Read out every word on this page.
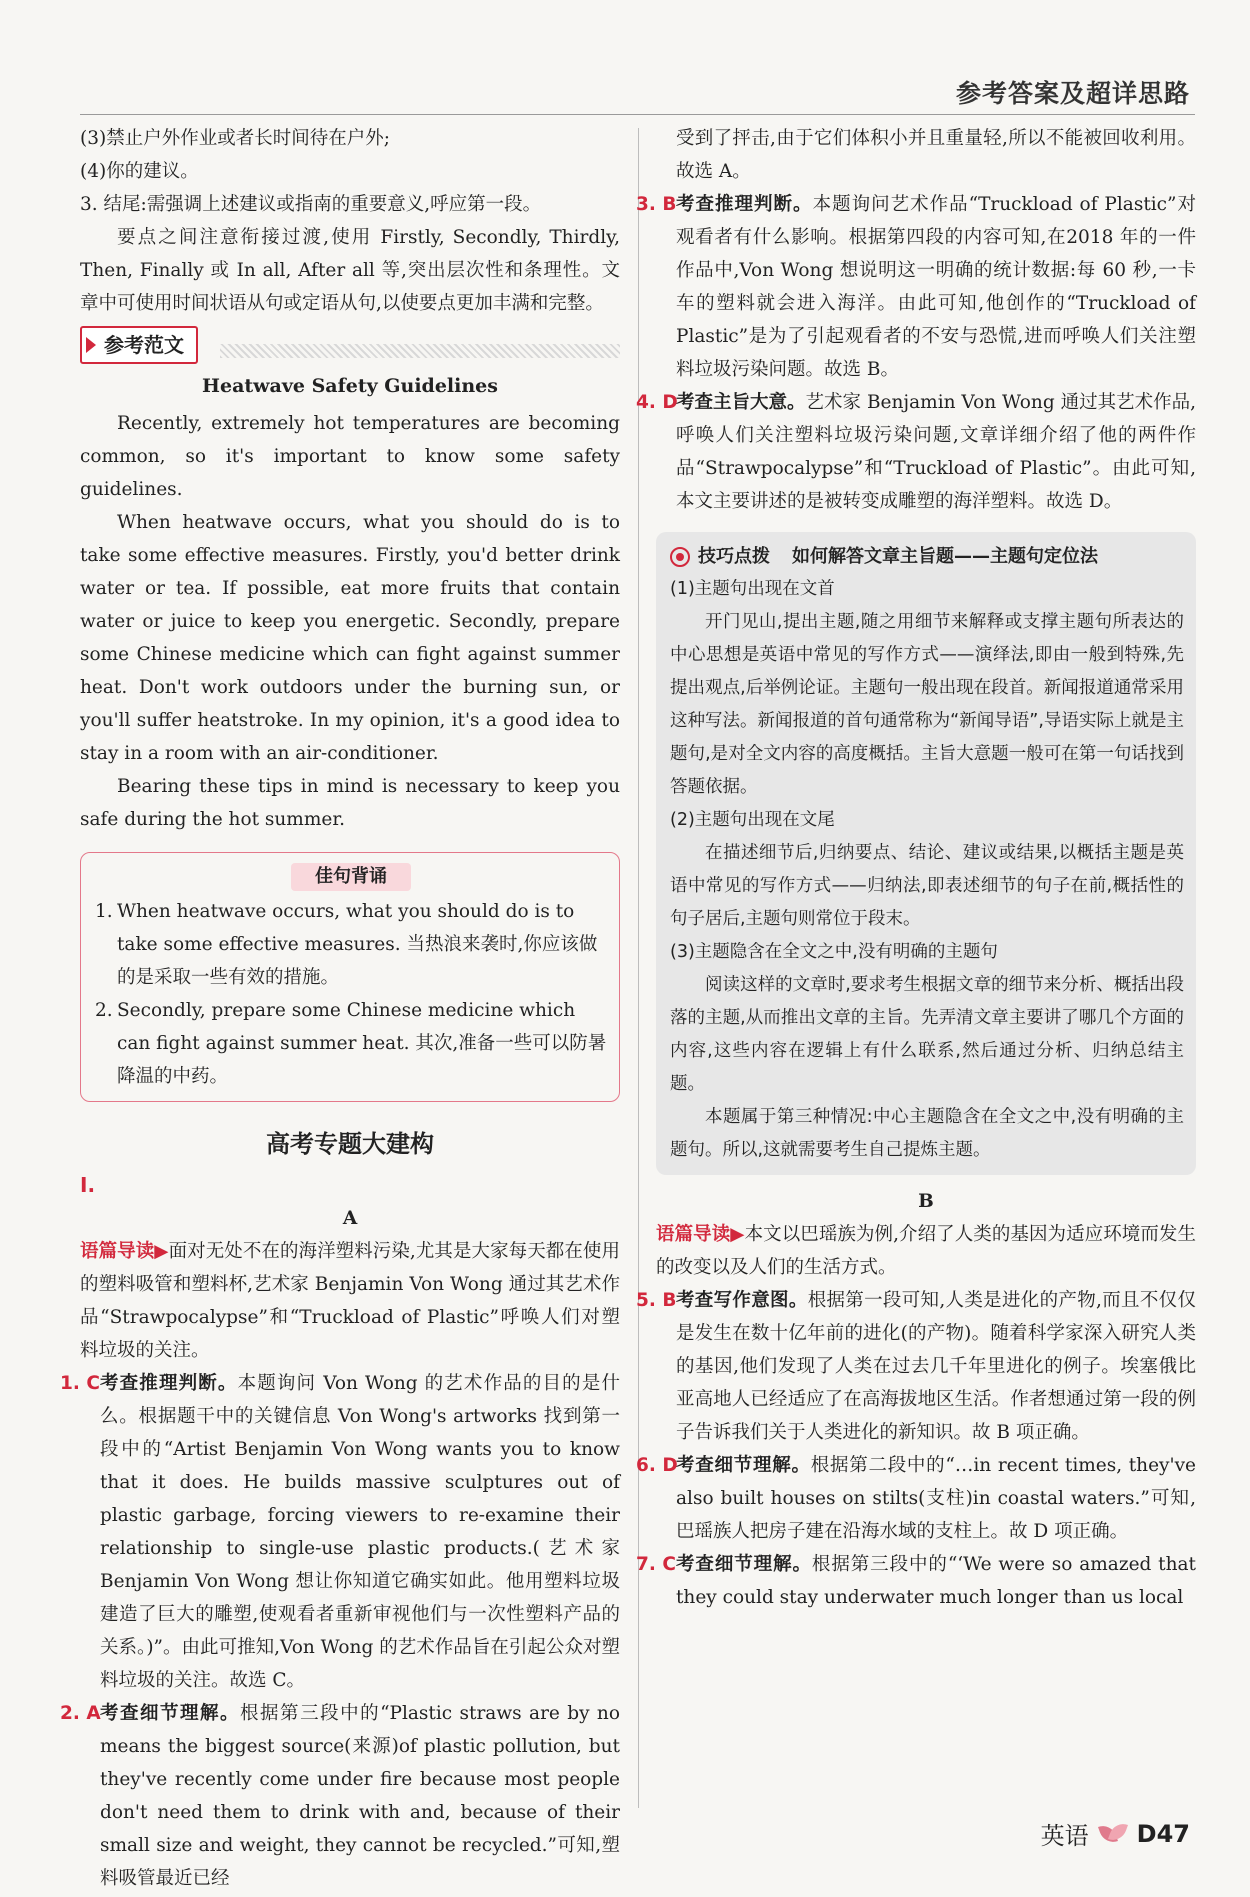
参考答案及超详思路

(3)禁止户外作业或者长时间待在户外;

(4)你的建议。

3. 结尾:需强调上述建议或指南的重要意义,呼应第一段。

要点之间注意衔接过渡,使用 Firstly, Secondly, Thirdly, Then, Finally 或 In all, After all 等,突出层次性和条理性。文章中可使用时间状语从句或定语从句,以使要点更加丰满和完整。

参考范文
Heatwave Safety Guidelines

Recently, extremely hot temperatures are becoming common, so it's important to know some safety guidelines.

When heatwave occurs, what you should do is to take some effective measures. Firstly, you'd better drink water or tea. If possible, eat more fruits that contain water or juice to keep you energetic. Secondly, prepare some Chinese medicine which can fight against summer heat. Don't work outdoors under the burning sun, or you'll suffer heatstroke. In my opinion, it's a good idea to stay in a room with an air-conditioner.

Bearing these tips in mind is necessary to keep you safe during the hot summer.

佳句背诵
1. When heatwave occurs, what you should do is to take some effective measures. 当热浪来袭时,你应该做的是采取一些有效的措施。
2. Secondly, prepare some Chinese medicine which can fight against summer heat. 其次,准备一些可以防暑降温的中药。
高考专题大建构
Ⅰ.
A

语篇导读▶面对无处不在的海洋塑料污染,尤其是大家每天都在使用的塑料吸管和塑料杯,艺术家 Benjamin Von Wong 通过其艺术作品“Strawpocalypse”和“Truckload of Plastic”呼唤人们对塑料垃圾的关注。

1. C 考查推理判断。本题询问 Von Wong 的艺术作品的目的是什么。根据题干中的关键信息 Von Wong's artworks 找到第一段中的“Artist Benjamin Von Wong wants you to know that it does. He builds massive sculptures out of plastic garbage, forcing viewers to re-examine their relationship to single-use plastic products.(艺术家 Benjamin Von Wong 想让你知道它确实如此。他用塑料垃圾建造了巨大的雕塑,使观看者重新审视他们与一次性塑料产品的关系。)”。由此可推知,Von Wong 的艺术作品旨在引起公众对塑料垃圾的关注。故选 C。

2. A 考查细节理解。根据第三段中的“Plastic straws are by no means the biggest source(来源)of plastic pollution, but they've recently come under fire because most people don't need them to drink with and, because of their small size and weight, they cannot be recycled.”可知,塑料吸管最近已经

受到了抨击,由于它们体积小并且重量轻,所以不能被回收利用。故选 A。

3. B 考查推理判断。本题询问艺术作品“Truckload of Plastic”对观看者有什么影响。根据第四段的内容可知,在2018 年的一件作品中,Von Wong 想说明这一明确的统计数据:每 60 秒,一卡车的塑料就会进入海洋。由此可知,他创作的“Truckload of Plastic”是为了引起观看者的不安与恐慌,进而呼唤人们关注塑料垃圾污染问题。故选 B。

4. D
考查主旨大意。艺术家 Benjamin Von Wong 通过其艺术作品,呼唤人们关注塑料垃圾污染问题,文章详细介绍了他的两件作品“Strawpocalypse”和“Truckload of Plastic”。由此可知,本文主要讲述的是被转变成雕塑的海洋塑料。故选 D。

技巧点拨 如何解答文章主旨题——主题句定位法

(1)主题句出现在文首

开门见山,提出主题,随之用细节来解释或支撑主题句所表达的中心思想是英语中常见的写作方式——演绎法,即由一般到特殊,先提出观点,后举例论证。主题句一般出现在段首。新闻报道通常采用这种写法。新闻报道的首句通常称为“新闻导语”,导语实际上就是主题句,是对全文内容的高度概括。主旨大意题一般可在第一句话找到答题依据。

(2)主题句出现在文尾

在描述细节后,归纳要点、结论、建议或结果,以概括主题是英语中常见的写作方式——归纳法,即表述细节的句子在前,概括性的句子居后,主题句则常位于段末。

(3)主题隐含在全文之中,没有明确的主题句

阅读这样的文章时,要求考生根据文章的细节来分析、概括出段落的主题,从而推出文章的主旨。先弄清文章主要讲了哪几个方面的内容,这些内容在逻辑上有什么联系,然后通过分析、归纳总结主题。

本题属于第三种情况:中心主题隐含在全文之中,没有明确的主题句。所以,这就需要考生自己提炼主题。

B

语篇导读▶本文以巴瑶族为例,介绍了人类的基因为适应环境而发生的改变以及人们的生活方式。

5. B 考查写作意图。根据第一段可知,人类是进化的产物,而且不仅仅是发生在数十亿年前的进化(的产物)。随着科学家深入研究人类的基因,他们发现了人类在过去几千年里进化的例子。埃塞俄比亚高地人已经适应了在高海拔地区生活。作者想通过第一段的例子告诉我们关于人类进化的新知识。故 B 项正确。

6. D
考查细节理解。根据第二段中的“…in recent times, they've also built houses on stilts(支柱)in coastal waters.”可知,巴瑶族人把房子建在沿海水域的支柱上。故 D 项正确。

7. C 考查细节理解。根据第三段中的“‘We were so amazed that they could stay underwater much longer than us local

英语 D47
